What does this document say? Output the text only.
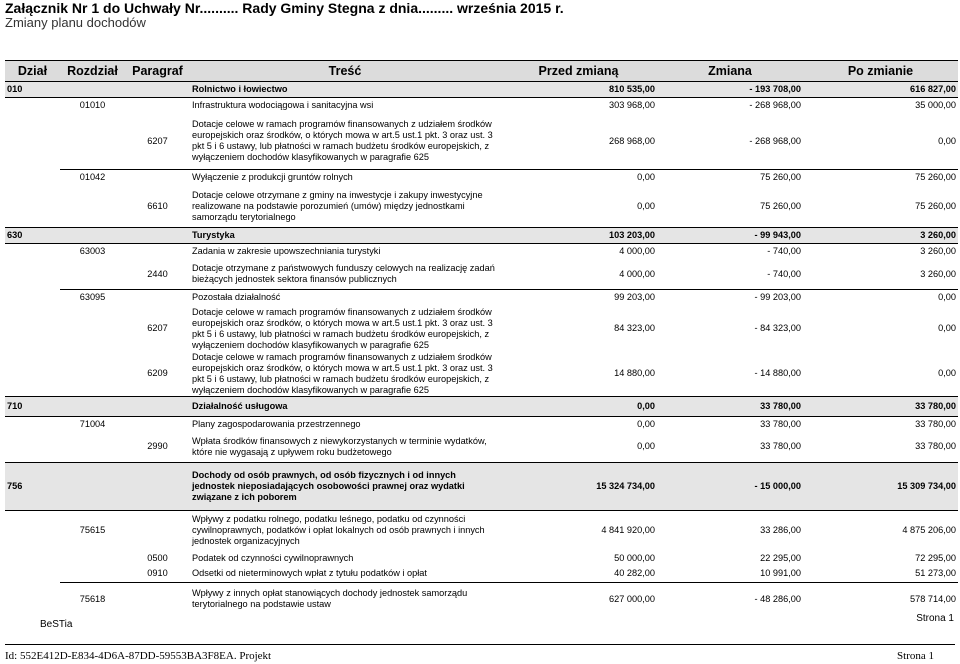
Załącznik Nr 1 do Uchwały Nr.......... Rady Gminy Stegna z dnia......... września 2015 r.
Zmiany planu dochodów
Dział	Rozdział	Paragraf	Treść	Przed zmianą	Zmiana	Po zmianie
010			Rolnictwo i łowiectwo	810 535,00	- 193 708,00	616 827,00
	01010		Infrastruktura wodociągowa i sanitacyjna wsi	303 968,00	- 268 968,00	35 000,00
		6207	Dotacje celowe w ramach programów finansowanych z udziałem środków europejskich oraz środków, o których mowa w art.5 ust.1 pkt. 3 oraz ust. 3 pkt 5 i 6 ustawy, lub płatności w ramach budżetu środków europejskich, z wyłączeniem dochodów klasyfikowanych w paragrafie 625	268 968,00	- 268 968,00	0,00
	01042		Wyłączenie z produkcji gruntów rolnych	0,00	75 260,00	75 260,00
		6610	Dotacje celowe otrzymane z gminy na inwestycje i zakupy inwestycyjne realizowane na podstawie porozumień (umów) między jednostkami samorządu terytorialnego	0,00	75 260,00	75 260,00
630			Turystyka	103 203,00	- 99 943,00	3 260,00
	63003		Zadania w zakresie upowszechniania turystyki	4 000,00	- 740,00	3 260,00
		2440	Dotacje otrzymane z państwowych funduszy celowych na realizację zadań bieżących jednostek sektora finansów publicznych	4 000,00	- 740,00	3 260,00
	63095		Pozostała działalność	99 203,00	- 99 203,00	0,00
		6207	Dotacje celowe w ramach programów finansowanych z udziałem środków europejskich oraz środków, o których mowa w art.5 ust.1 pkt. 3 oraz ust. 3 pkt 5 i 6 ustawy, lub płatności w ramach budżetu środków europejskich, z wyłączeniem dochodów klasyfikowanych w paragrafie 625	84 323,00	- 84 323,00	0,00
		6209	Dotacje celowe w ramach programów finansowanych z udziałem środków europejskich oraz środków, o których mowa w art.5 ust.1 pkt. 3 oraz ust. 3 pkt 5 i 6 ustawy, lub płatności w ramach budżetu środków europejskich, z wyłączeniem dochodów klasyfikowanych w paragrafie 625	14 880,00	- 14 880,00	0,00
710			Działalność usługowa	0,00	33 780,00	33 780,00
	71004		Plany zagospodarowania przestrzennego	0,00	33 780,00	33 780,00
		2990	Wpłata środków finansowych z niewykorzystanych w terminie wydatków, które nie wygasają z upływem roku budżetowego	0,00	33 780,00	33 780,00
756			Dochody od osób prawnych, od osób fizycznych i od innych jednostek nieposiadających osobowości prawnej oraz wydatki związane z ich poborem	15 324 734,00	- 15 000,00	15 309 734,00
	75615		Wpływy z podatku rolnego, podatku leśnego, podatku od czynności cywilnoprawnych, podatków i opłat lokalnych od osób prawnych i innych jednostek organizacyjnych	4 841 920,00	33 286,00	4 875 206,00
		0500	Podatek od czynności cywilnoprawnych	50 000,00	22 295,00	72 295,00
		0910	Odsetki od nieterminowych wpłat z tytułu podatków i opłat	40 282,00	10 991,00	51 273,00
	75618		Wpływy z innych opłat stanowiących dochody jednostek samorządu terytorialnego na podstawie ustaw	627 000,00	- 48 286,00	578 714,00
BeSTia
Strona 1
Id: 552E412D-E834-4D6A-87DD-59553BA3F8EA. Projekt	Strona 1
